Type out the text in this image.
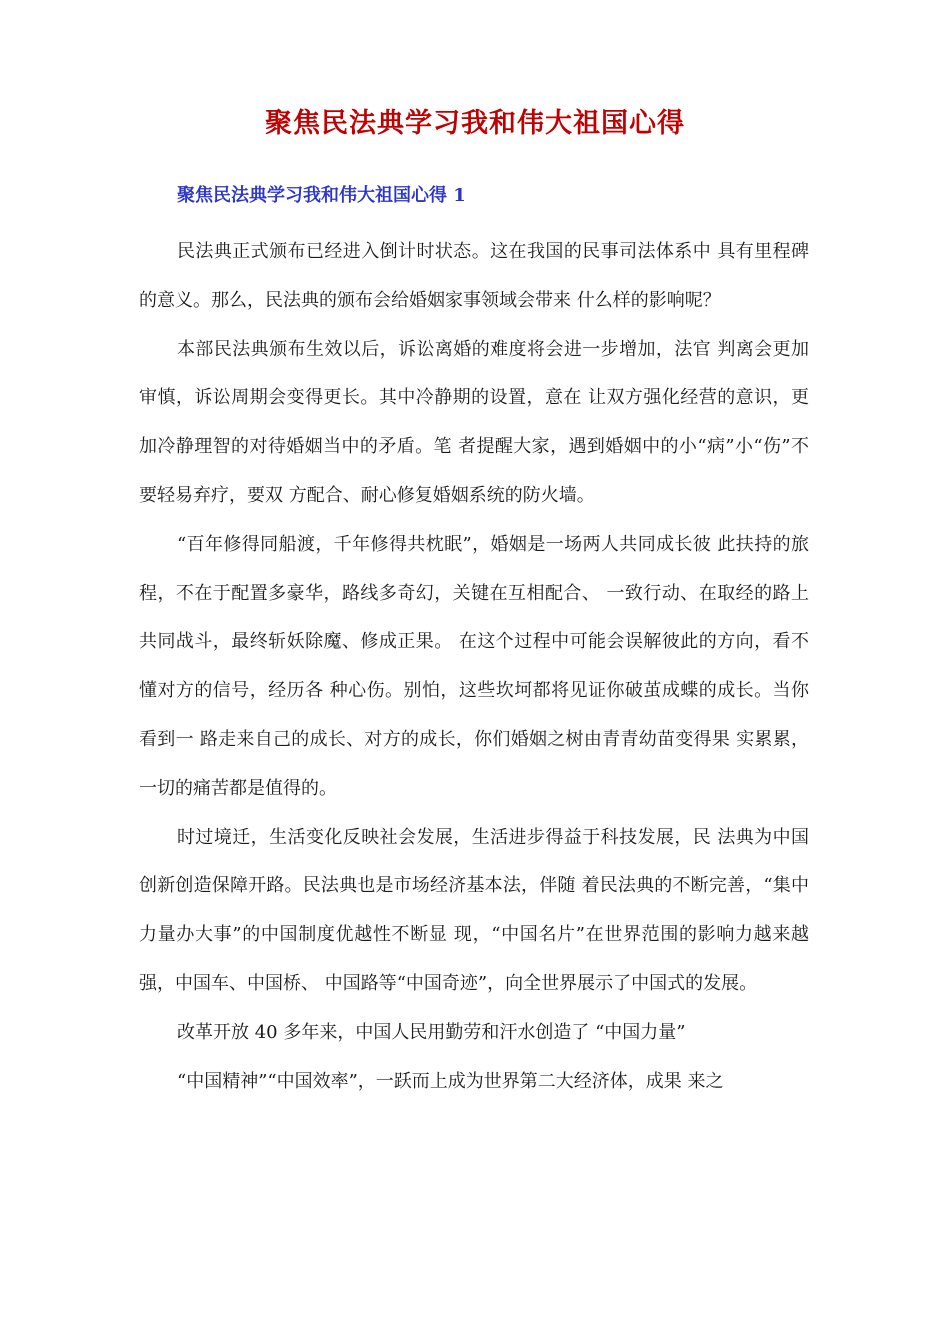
聚焦民法典学习我和伟大祖国心得
聚焦民法典学习我和伟大祖国心得 1

民法典正式颁布已经进入倒计时状态。这在我国的民事司法体系中 具有里程碑的意义。那么，民法典的颁布会给婚姻家事领域会带来 什么样的影响呢？

本部民法典颁布生效以后，诉讼离婚的难度将会进一步增加，法官 判离会更加审慎，诉讼周期会变得更长。其中冷静期的设置，意在 让双方强化经营的意识，更加冷静理智的对待婚姻当中的矛盾。笔 者提醒大家，遇到婚姻中的小“病”小“伤”不要轻易弃疗，要双 方配合、耐心修复婚姻系统的防火墙。

“百年修得同船渡，千年修得共枕眠”，婚姻是一场两人共同成长彼 此扶持的旅程，不在于配置多豪华，路线多奇幻，关键在互相配合、 一致行动、在取经的路上共同战斗，最终斩妖除魔、修成正果。 在这个过程中可能会误解彼此的方向，看不懂对方的信号，经历各 种心伤。别怕，这些坎坷都将见证你破茧成蝶的成长。当你看到一 路走来自己的成长、对方的成长，你们婚姻之树由青青幼苗变得果 实累累，一切的痛苦都是值得的。

时过境迁，生活变化反映社会发展，生活进步得益于科技发展，民 法典为中国创新创造保障开路。民法典也是市场经济基本法，伴随 着民法典的不断完善，“集中力量办大事”的中国制度优越性不断显 现，“中国名片”在世界范围的影响力越来越强，中国车、中国桥、 中国路等“中国奇迹”，向全世界展示了中国式的发展。

改革开放 40 多年来，中国人民用勤劳和汗水创造了 “中国力量”

“中国精神”“中国效率”，一跃而上成为世界第二大经济体，成果 来之
